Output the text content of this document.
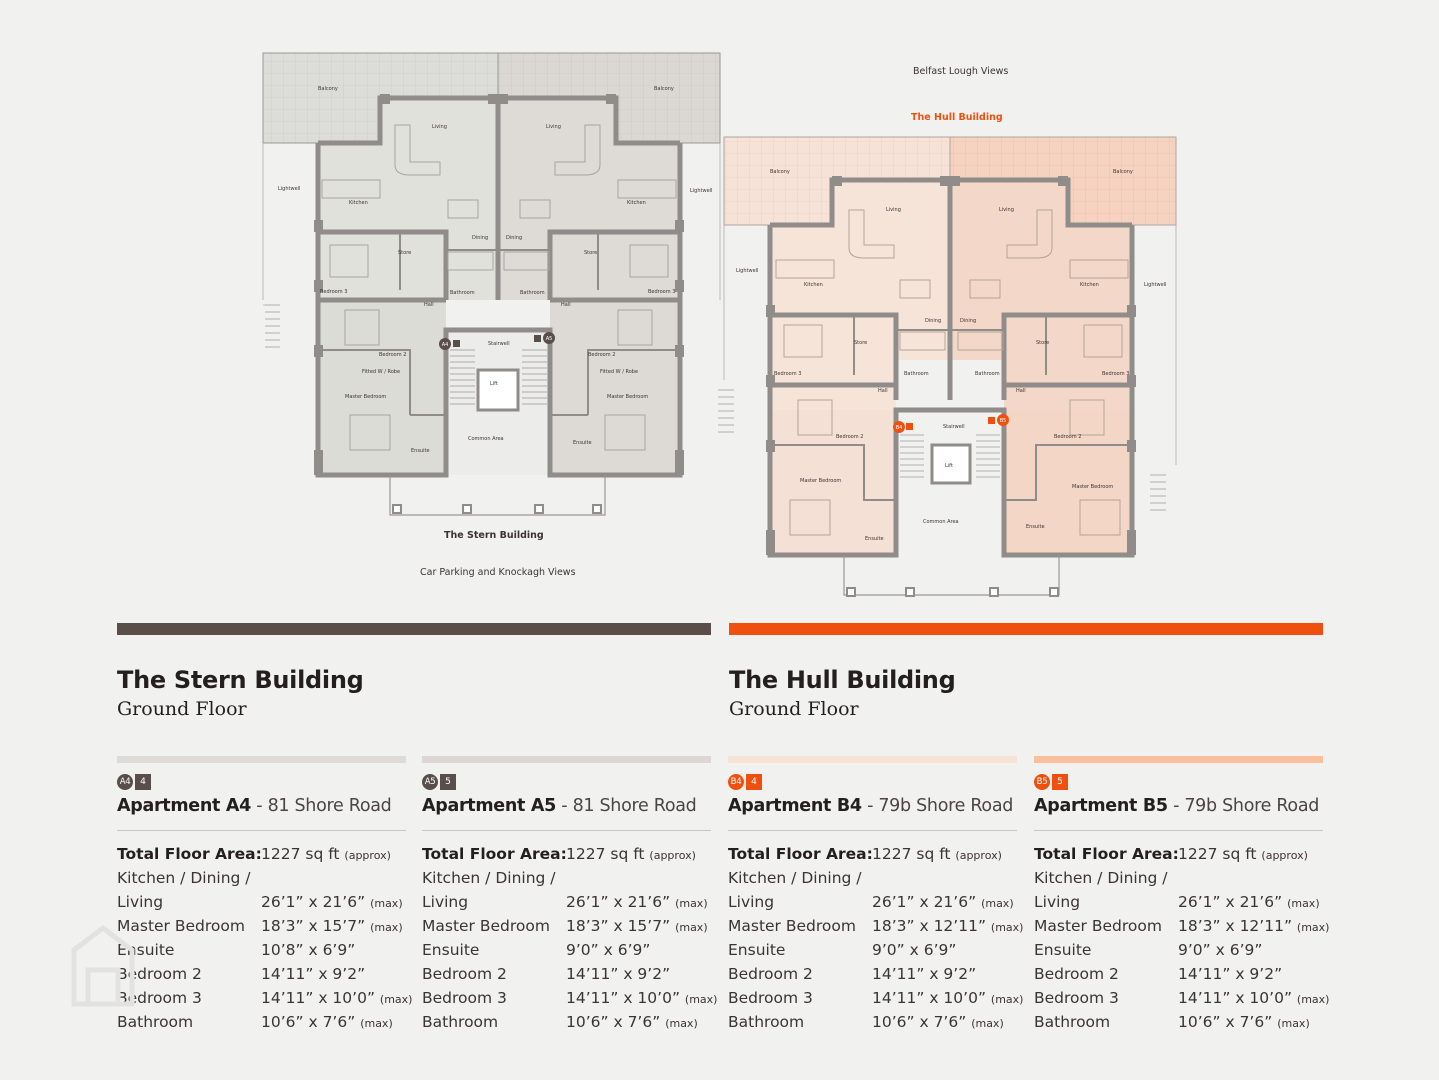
A4
A5
Balcony	Balcony
Living	Living
Lightwell	Lightwell
Kitchen	Kitchen
Dining	Dining
Store	Store
Bedroom 3	Bedroom 3
Bathroom	Bathroom
Hall	Hall
Stairwell
Bedroom 2	Bedroom 2
Lift
Fitted W / Robe	Fitted W / Robe
Master Bedroom	Master Bedroom
Common Area
Ensuite
Ensuite
B4
B5
Balcony	Balcony
Living	Living
Lightwell
Lightwell
Kitchen	Kitchen
Dining	Dining
Store	Store
Bedroom 3	Bedroom 3
Bathroom	Bathroom
Hall	Hall
Stairwell
Bedroom 2	Bedroom 2
Lift
Master Bedroom
Master Bedroom
Common Area
Ensuite
Ensuite
Belfast Lough Views
The Hull Building
The Stern Building
Car Parking and Knockagh Views
The Stern Building
Ground Floor
The Hull Building
Ground Floor
A4	4
Apartment A4 - 81 Shore Road
Total Floor Area: 1227 sq ft (approx)
Kitchen / Dining /
Living	26’1” x 21’6” (max)
Master Bedroom 18’3” x 15’7” (max)
Ensuite	10’8” x 6’9”
Bedroom 2	14’11” x 9’2”
Bedroom 3	14’11” x 10’0” (max)
Bathroom	10’6” x 7’6” (max)
A5	5
Apartment A5 - 81 Shore Road
Total Floor Area: 1227 sq ft (approx)
Kitchen / Dining /
Living	26’1” x 21’6” (max)
Master Bedroom 18’3” x 15’7” (max)
Ensuite	9’0” x 6’9”
Bedroom 2	14’11” x 9’2”
Bedroom 3	14’11” x 10’0” (max)
Bathroom	10’6” x 7’6” (max)
B4	4
Apartment B4 - 79b Shore Road
Total Floor Area: 1227 sq ft (approx)
Kitchen / Dining /
Living	26’1” x 21’6” (max)
Master Bedroom 18’3” x 12’11” (max)
Ensuite	9’0” x 6’9”
Bedroom 2	14’11” x 9’2”
Bedroom 3	14’11” x 10’0” (max)
Bathroom	10’6” x 7’6” (max)
B5	5
Apartment B5 - 79b Shore Road
Total Floor Area: 1227 sq ft (approx)
Kitchen / Dining /
Living	26’1” x 21’6” (max)
Master Bedroom 18’3” x 12’11” (max)
Ensuite	9’0” x 6’9”
Bedroom 2	14’11” x 9’2”
Bedroom 3	14’11” x 10’0” (max)
Bathroom	10’6” x 7’6” (max)
